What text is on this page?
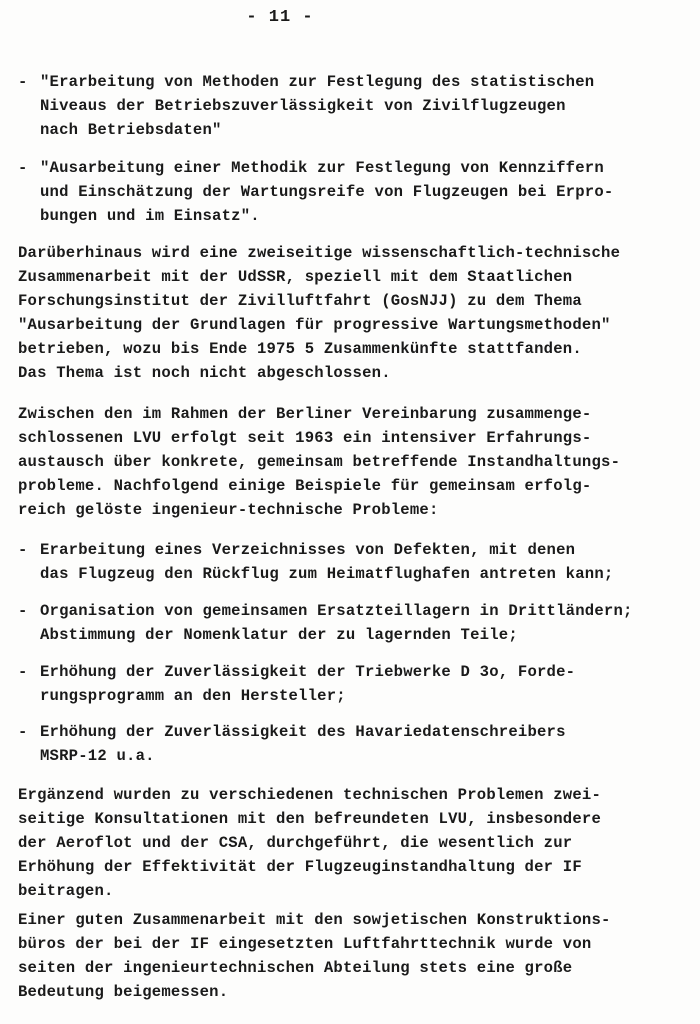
- 11 -
- "Erarbeitung von Methoden zur Festlegung des statistischen
Niveaus der Betriebszuverlässigkeit von Zivilflugzeugen
nach Betriebsdaten"
- "Ausarbeitung einer Methodik zur Festlegung von Kennziffern
und Einschätzung der Wartungsreife von Flugzeugen bei Erpro-
bungen und im Einsatz".
Darüberhinaus wird eine zweiseitige wissenschaftlich-technische
Zusammenarbeit mit der UdSSR, speziell mit dem Staatlichen
Forschungsinstitut der Zivilluftfahrt (GosNJJ) zu dem Thema
"Ausarbeitung der Grundlagen für progressive Wartungsmethoden"
betrieben, wozu bis Ende 1975 5 Zusammenkünfte stattfanden.
Das Thema ist noch nicht abgeschlossen.
Zwischen den im Rahmen der Berliner Vereinbarung zusammenge-
schlossenen LVU erfolgt seit 1963 ein intensiver Erfahrungs-
austausch über konkrete, gemeinsam betreffende Instandhaltungs-
probleme. Nachfolgend einige Beispiele für gemeinsam erfolg-
reich gelöste ingenieur-technische Probleme:
- Erarbeitung eines Verzeichnisses von Defekten, mit denen
das Flugzeug den Rückflug zum Heimatflughafen antreten kann;
- Organisation von gemeinsamen Ersatzteillagern in Drittländern;
Abstimmung der Nomenklatur der zu lagernden Teile;
- Erhöhung der Zuverlässigkeit der Triebwerke D 3o, Forde-
rungsprogramm an den Hersteller;
- Erhöhung der Zuverlässigkeit des Havariedatenschreibers
MSRP-12 u.a.
Ergänzend wurden zu verschiedenen technischen Problemen zwei-
seitige Konsultationen mit den befreundeten LVU, insbesondere
der Aeroflot und der CSA, durchgeführt, die wesentlich zur
Erhöhung der Effektivität der Flugzeuginstandhaltung der IF
beitragen.
Einer guten Zusammenarbeit mit den sowjetischen Konstruktions-
büros der bei der IF eingesetzten Luftfahrttechnik wurde von
seiten der ingenieurtechnischen Abteilung stets eine große
Bedeutung beigemessen.
